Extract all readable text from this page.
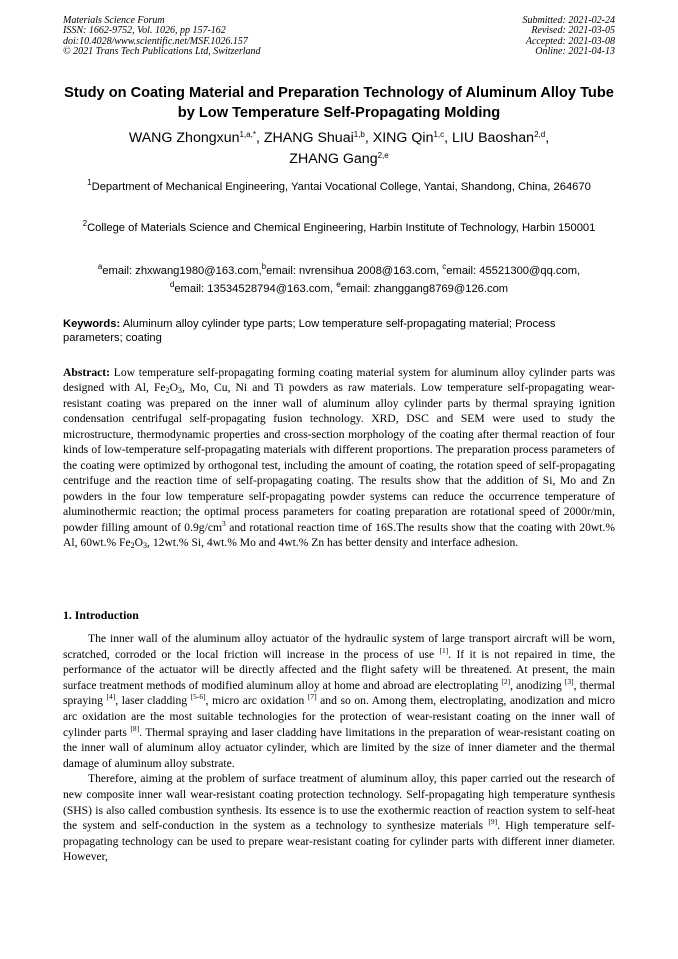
Materials Science Forum
ISSN: 1662-9752, Vol. 1026, pp 157-162
doi:10.4028/www.scientific.net/MSF.1026.157
© 2021 Trans Tech Publications Ltd, Switzerland
Submitted: 2021-02-24
Revised: 2021-03-05
Accepted: 2021-03-08
Online: 2021-04-13
Study on Coating Material and Preparation Technology of Aluminum Alloy Tube by Low Temperature Self-Propagating Molding
WANG Zhongxun$^{1,a,*}$, ZHANG Shuai$^{1,b}$, XING Qin$^{1,c}$, LIU Baoshan$^{2,d}$,
ZHANG Gang$^{2,e}$
$^1$Department of Mechanical Engineering, Yantai Vocational College, Yantai, Shandong, China, 264670
$^2$College of Materials Science and Chemical Engineering, Harbin Institute of Technology, Harbin 150001
$^a$email: zhxwang1980@163.com,$^b$email: nvrensihua 2008@163.com, $^c$email: 45521300@qq.com,
$^d$email: 13534528794@163.com, $^e$email: zhanggang8769@126.com
Keywords: Aluminum alloy cylinder type parts; Low temperature self-propagating material; Process parameters; coating
Abstract: Low temperature self-propagating forming coating material system for aluminum alloy cylinder parts was designed with Al, $Fe_2O_3$, Mo, Cu, Ni and Ti powders as raw materials. Low temperature self-propagating wear-resistant coating was prepared on the inner wall of aluminum alloy cylinder parts by thermal spraying ignition condensation centrifugal self-propagating fusion technology. XRD, DSC and SEM were used to study the microstructure, thermodynamic properties and cross-section morphology of the coating after thermal reaction of four kinds of low-temperature self-propagating materials with different proportions. The preparation process parameters of the coating were optimized by orthogonal test, including the amount of coating, the rotation speed of self-propagating centrifuge and the reaction time of self-propagating coating. The results show that the addition of Si, Mo and Zn powders in the four low temperature self-propagating powder systems can reduce the occurrence temperature of aluminothermic reaction; the optimal process parameters for coating preparation are rotational speed of 2000r/min, powder filling amount of $0.9g/cm^3$ and rotational reaction time of 16S.The results show that the coating with 20wt.% Al, 60wt.% $Fe_2O_3$, 12wt.% Si, 4wt.% Mo and 4wt.% Zn has better density and interface adhesion.
1. Introduction

The inner wall of the aluminum alloy actuator of the hydraulic system of large transport aircraft will be worn, scratched, corroded or the local friction will increase in the process of use [1]. If it is not repaired in time, the performance of the actuator will be directly affected and the flight safety will be threatened. At present, the main surface treatment methods of modified aluminum alloy at home and abroad are electroplating [2], anodizing [3], thermal spraying [4], laser cladding [5-6], micro arc oxidation [7] and so on. Among them, electroplating, anodization and micro arc oxidation are the most suitable technologies for the protection of wear-resistant coating on the inner wall of cylinder parts [8]. Thermal spraying and laser cladding have limitations in the preparation of wear-resistant coating on the inner wall of aluminum alloy actuator cylinder, which are limited by the size of inner diameter and the thermal damage of aluminum alloy substrate.

Therefore, aiming at the problem of surface treatment of aluminum alloy, this paper carried out the research of new composite inner wall wear-resistant coating protection technology. Self-propagating high temperature synthesis (SHS) is also called combustion synthesis. Its essence is to use the exothermic reaction of reaction system to self-heat the system and self-conduction in the system as a technology to synthesize materials [9]. High temperature self-propagating technology can be used to prepare wear-resistant coating for cylinder parts with different inner diameter. However,
